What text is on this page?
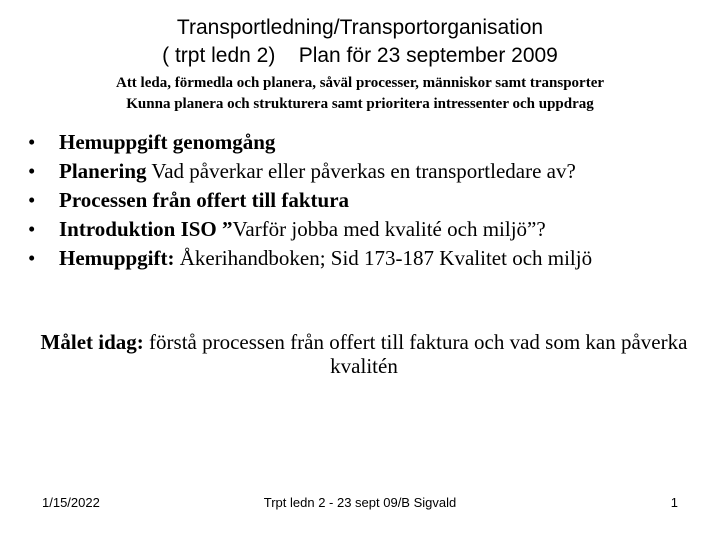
Transportledning/Transportorganisation
( trpt ledn 2)    Plan för 23 september 2009
Att leda, förmedla och planera, såväl processer, människor samt transporter
Kunna planera och strukturera samt prioritera intressenter och uppdrag
• Hemuppgift genomgång
• Planering Vad påverkar eller påverkas en transportledare av?
• Processen från offert till faktura
• Introduktion ISO ”Varför jobba med kvalité och miljö”?
• Hemuppgift: Åkerihandboken; Sid 173-187 Kvalitet och miljö
Målet idag: förstå processen från offert till faktura och vad som kan påverka kvalitén
1/15/2022	Trpt ledn 2 - 23 sept 09/B Sigvald	1
